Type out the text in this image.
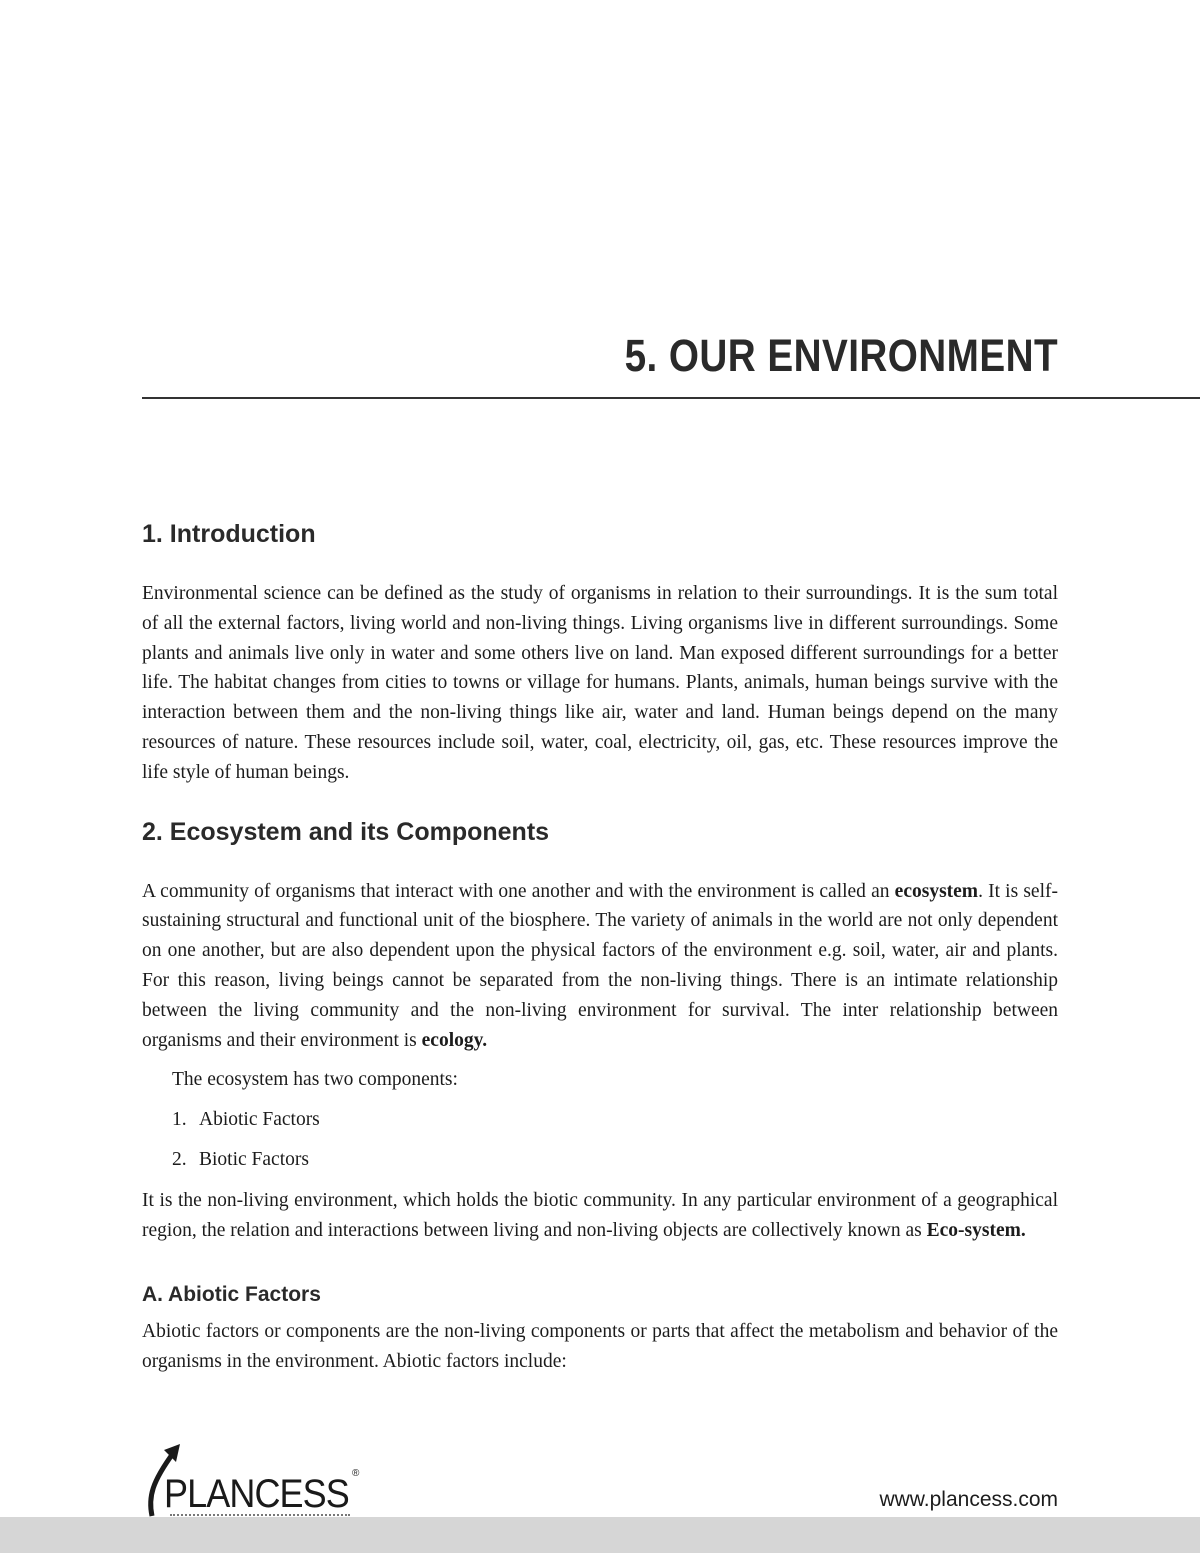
5. OUR ENVIRONMENT
1. Introduction

Environmental science can be defined as the study of organisms in relation to their surroundings. It is the sum total of all the external factors, living world and non-living things. Living organisms live in different surroundings. Some plants and animals live only in water and some others live on land. Man exposed different surroundings for a better life. The habitat changes from cities to towns or village for humans. Plants, animals, human beings survive with the interaction between them and the non-living things like air, water and land. Human beings depend on the many resources of nature. These resources include soil, water, coal, electricity, oil, gas, etc. These resources improve the life style of human beings.

2. Ecosystem and its Components

A community of organisms that interact with one another and with the environment is called an ecosystem. It is self-sustaining structural and functional unit of the biosphere. The variety of animals in the world are not only dependent on one another, but are also dependent upon the physical factors of the environment e.g. soil, water, air and plants. For this reason, living beings cannot be separated from the non-living things. There is an intimate relationship between the living community and the non-living environment for survival. The inter relationship between organisms and their environment is ecology.

The ecosystem has two components:

1. Abiotic Factors
2. Biotic Factors

It is the non-living environment, which holds the biotic community. In any particular environment of a geographical region, the relation and interactions between living and non-living objects are collectively known as Eco-system.

A. Abiotic Factors

Abiotic factors or components are the non-living components or parts that affect the metabolism and behavior of the organisms in the environment. Abiotic factors include:

PLANCESS ®
www.plancess.com
